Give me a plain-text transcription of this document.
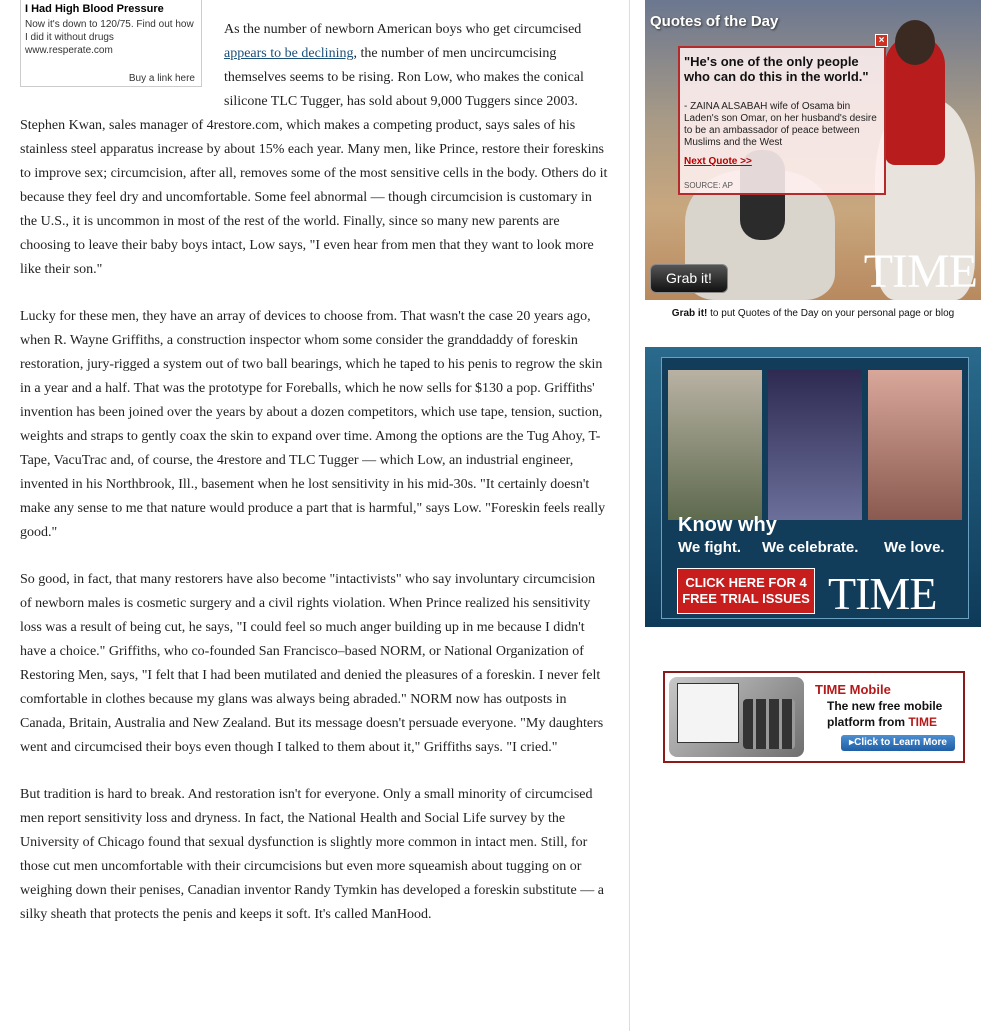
I Had High Blood Pressure
Now it's down to 120/75. Find out how I did it without drugs www.resperate.com
Buy a link here

As the number of newborn American boys who get circumcised appears to be declining, the number of men uncircumcising themselves seems to be rising. Ron Low, who makes the conical silicone TLC Tugger, has sold about 9,000 Tuggers since 2003. Stephen Kwan, sales manager of 4restore.com, which makes a competing product, says sales of his stainless steel apparatus increase by about 15% each year. Many men, like Prince, restore their foreskins to improve sex; circumcision, after all, removes some of the most sensitive cells in the body. Others do it because they feel dry and uncomfortable. Some feel abnormal — though circumcision is customary in the U.S., it is uncommon in most of the rest of the world. Finally, since so many new parents are choosing to leave their baby boys intact, Low says, "I even hear from men that they want to look more like their son."

Lucky for these men, they have an array of devices to choose from. That wasn't the case 20 years ago, when R. Wayne Griffiths, a construction inspector whom some consider the granddaddy of foreskin restoration, jury-rigged a system out of two ball bearings, which he taped to his penis to regrow the skin in a year and a half. That was the prototype for Foreballs, which he now sells for $130 a pop. Griffiths' invention has been joined over the years by about a dozen competitors, which use tape, tension, suction, weights and straps to gently coax the skin to expand over time. Among the options are the Tug Ahoy, T-Tape, VacuTrac and, of course, the 4restore and TLC Tugger — which Low, an industrial engineer, invented in his Northbrook, Ill., basement when he lost sensitivity in his mid-30s. "It certainly doesn't make any sense to me that nature would produce a part that is harmful," says Low. "Foreskin feels really good."

So good, in fact, that many restorers have also become "intactivists" who say involuntary circumcision of newborn males is cosmetic surgery and a civil rights violation. When Prince realized his sensitivity loss was a result of being cut, he says, "I could feel so much anger building up in me because I didn't have a choice." Griffiths, who co-founded San Francisco–based NORM, or National Organization of Restoring Men, says, "I felt that I had been mutilated and denied the pleasures of a foreskin. I never felt comfortable in clothes because my glans was always being abraded." NORM now has outposts in Canada, Britain, Australia and New Zealand. But its message doesn't persuade everyone. "My daughters went and circumcised their boys even though I talked to them about it," Griffiths says. "I cried."

But tradition is hard to break. And restoration isn't for everyone. Only a small minority of circumcised men report sensitivity loss and dryness. In fact, the National Health and Social Life survey by the University of Chicago found that sexual dysfunction is slightly more common in intact men. Still, for those cut men uncomfortable with their circumcisions but even more squeamish about tugging on or weighing down their penises, Canadian inventor Randy Tymkin has developed a foreskin substitute — a silky sheath that protects the penis and keeps it soft. It's called ManHood.

Quotes of the Day
×
"He's one of the only people who can do this in the world."
- ZAINA ALSABAH wife of Osama bin Laden's son Omar, on her husband's desire to be an ambassador of peace between Muslims and the West
Next Quote >>
SOURCE: AP
Grab it!	TIME
Grab it! to put Quotes of the Day on your personal page or blog
Know why
We fight. We celebrate. We love.
CLICK HERE FOR 4 FREE TRIAL ISSUES TIME
TIME Mobile
The new free mobile
platform from TIME
▸Click to Learn More
